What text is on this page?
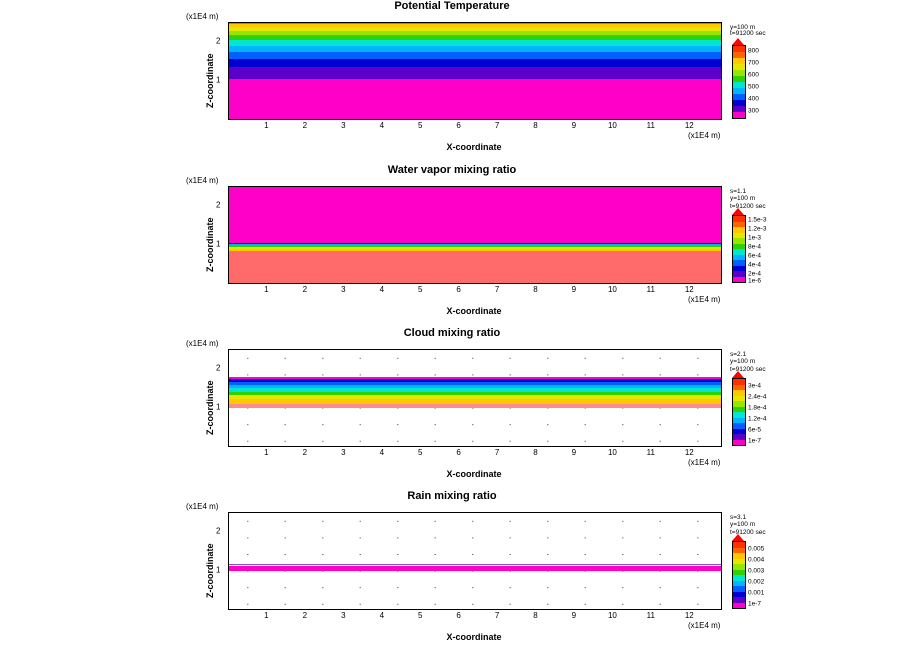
Potential Temperature
(x1E4 m)
Z-coordinate 1
2
1	2	3	4	5	6	7	8	9	10	11	12
(x1E4 m)
X-coordinate
y=100 m
t=91200 sec
800
700
600
500
400
300
Water vapor mixing ratio
(x1E4 m)
Z-coordinate 1
2
1	2	3	4	5	6	7	8	9	10	11	12
(x1E4 m)
X-coordinate
s=1.1
y=100 m
t=91200 sec
1.5e-3
1.2e-3
1e-3
8e-4
6e-4
4e-4
2e-4
1e-6
Cloud mixing ratio
(x1E4 m)
Z-coordinate 1
2
1	2	3	4	5	6	7	8	9	10	11	12
(x1E4 m)
X-coordinate
s=2.1
y=100 m
t=91200 sec
3e-4
2.4e-4
1.8e-4
1.2e-4
6e-5
1e-7
Rain mixing ratio
(x1E4 m)
Z-coordinate 1
2
1	2	3	4	5	6	7	8	9	10	11	12
(x1E4 m)
X-coordinate
s=3.1
y=100 m
t=91200 sec
0.005
0.004
0.003
0.002
0.001
1e-7
